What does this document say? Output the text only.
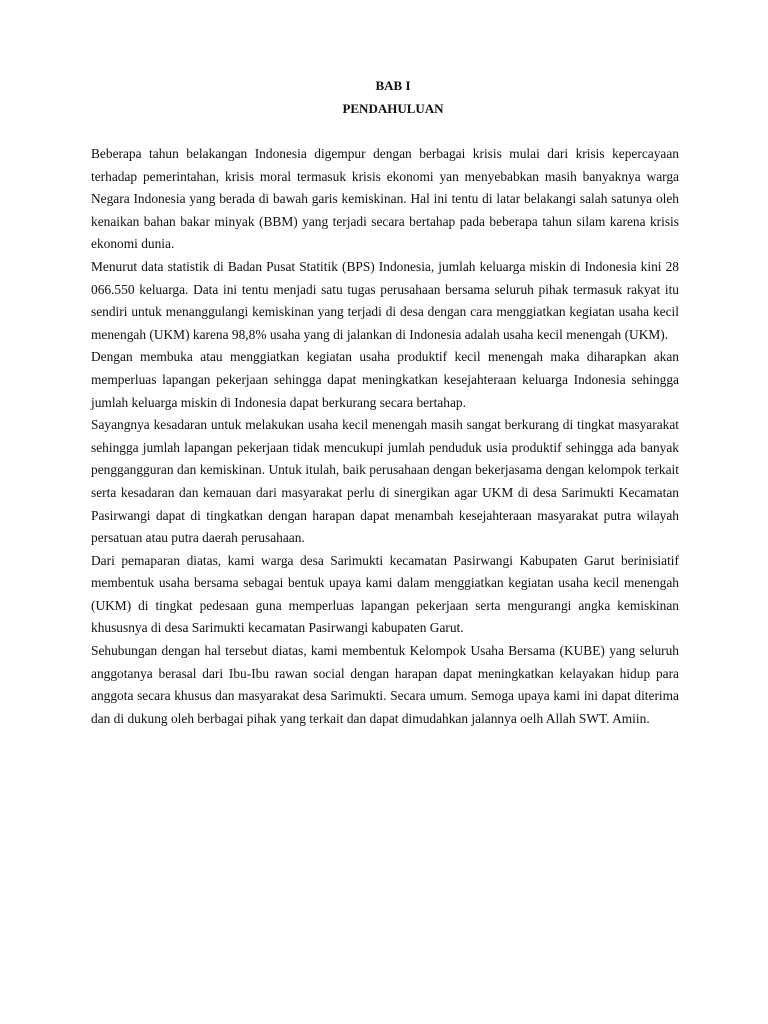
BAB I

PENDAHULUAN

Beberapa tahun belakangan Indonesia digempur dengan berbagai krisis mulai dari krisis kepercayaan terhadap pemerintahan, krisis moral termasuk krisis ekonomi yan menyebabkan masih banyaknya warga Negara Indonesia yang berada di bawah garis kemiskinan. Hal ini tentu di latar belakangi salah satunya oleh kenaikan bahan bakar minyak (BBM) yang terjadi secara bertahap pada beberapa tahun silam karena krisis ekonomi dunia.

Menurut data statistik di Badan Pusat Statitik (BPS) Indonesia, jumlah keluarga miskin di Indonesia kini 28 066.550 keluarga. Data ini tentu menjadi satu tugas perusahaan bersama seluruh pihak termasuk rakyat itu sendiri untuk menanggulangi kemiskinan yang terjadi di desa dengan cara menggiatkan kegiatan usaha kecil menengah (UKM) karena 98,8% usaha yang di jalankan di Indonesia adalah usaha kecil menengah (UKM).

Dengan membuka atau menggiatkan kegiatan usaha produktif kecil menengah maka diharapkan akan memperluas lapangan pekerjaan sehingga dapat meningkatkan kesejahteraan keluarga Indonesia sehingga jumlah keluarga miskin di Indonesia dapat berkurang secara bertahap.

Sayangnya kesadaran untuk melakukan usaha kecil menengah masih sangat berkurang di tingkat masyarakat sehingga jumlah lapangan pekerjaan tidak mencukupi jumlah penduduk usia produktif sehingga ada banyak penggangguran dan kemiskinan. Untuk itulah, baik perusahaan dengan bekerjasama dengan kelompok terkait serta kesadaran dan kemauan dari masyarakat perlu di sinergikan agar UKM di desa Sarimukti Kecamatan Pasirwangi dapat di tingkatkan dengan harapan dapat menambah kesejahteraan masyarakat putra wilayah persatuan atau putra daerah perusahaan.

Dari pemaparan diatas, kami warga desa Sarimukti kecamatan Pasirwangi Kabupaten Garut berinisiatif membentuk usaha bersama sebagai bentuk upaya kami dalam menggiatkan kegiatan usaha kecil menengah (UKM) di tingkat pedesaan guna memperluas lapangan pekerjaan serta mengurangi angka kemiskinan khususnya di desa Sarimukti kecamatan Pasirwangi kabupaten Garut.

Sehubungan dengan hal tersebut diatas, kami membentuk Kelompok Usaha Bersama (KUBE) yang seluruh anggotanya berasal dari Ibu-Ibu rawan social dengan harapan dapat meningkatkan kelayakan hidup para anggota secara khusus dan masyarakat desa Sarimukti. Secara umum. Semoga upaya kami ini dapat diterima dan di dukung oleh berbagai pihak yang terkait dan dapat dimudahkan jalannya oelh Allah SWT. Amiin.
